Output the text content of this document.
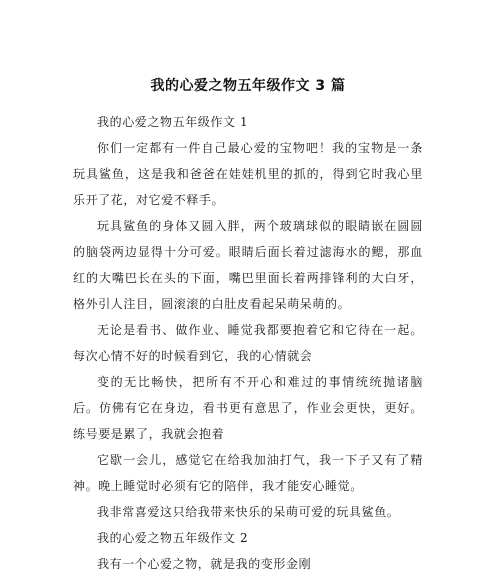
我的心爱之物五年级作文 3 篇

我的心爱之物五年级作文 1

你们一定都有一件自己最心爱的宝物吧！我的宝物是一条玩具鲨鱼，这是我和爸爸在娃娃机里的抓的，得到它时我心里乐开了花，对它爱不释手。

玩具鲨鱼的身体又圆入胖，两个玻璃球似的眼睛嵌在圆圆的脑袋两边显得十分可爱。眼睛后面长着过滤海水的鳃，那血红的大嘴巴长在头的下面，嘴巴里面长着两排锋利的大白牙，格外引人注目，圆滚滚的白肚皮看起呆萌呆萌的。

无论是看书、做作业、睡觉我都要抱着它和它待在一起。每次心情不好的时候看到它，我的心情就会

变的无比畅快，把所有不开心和难过的事情统统抛诸脑后。仿佛有它在身边，看书更有意思了，作业会更快，更好。练号要是累了，我就会抱着

它歇一会儿，感觉它在给我加油打气，我一下子又有了精神。晚上睡觉时必须有它的陪伴，我才能安心睡觉。

我非常喜爱这只给我带来快乐的呆萌可爱的玩具鲨鱼。

我的心爱之物五年级作文 2

我有一个心爱之物，就是我的变形金刚
